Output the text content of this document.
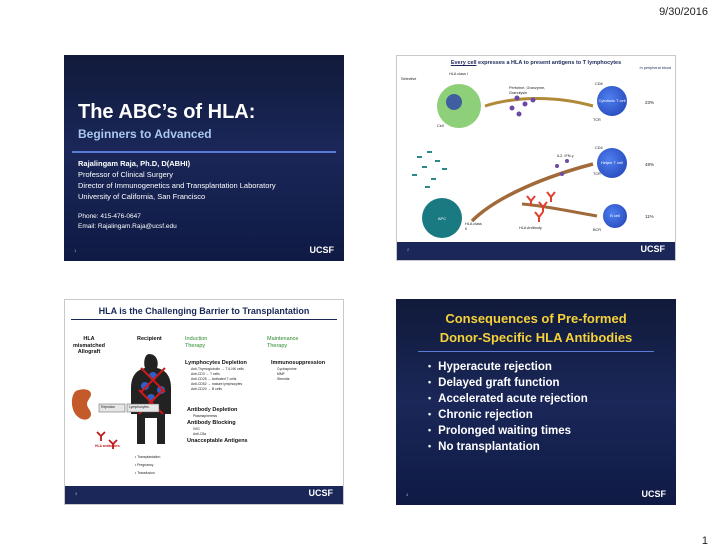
9/30/2016
The ABC’s of HLA:
Beginners to Advanced
Rajalingam Raja, Ph.D, D(ABHI)
Professor of Clinical Surgery
Director of Immunogenetics and Transplantation Laboratory
University of California, San Francisco
Phone: 415-476-0647
Email: Rajalingam.Raja@ucsf.edu
1	UCSF
Every cell expresses a HLA to present antigens to T lymphocytes
In peripheral blood
Cytotoxic T cell
Helper T cell
B cell
APC
HLA class I
Selective
Perforine, Granzyme, Granulysin
CD8
TCR
Cell
CD4
IL2, IFN-γ
TCR
HLA class II	HLA Antibody	BCR
23%
48%
11%
2	UCSF
HLA is the Challenging Barrier to Transplantation
HLA mismatched Allograft
Recipient	Induction Therapy
Maintenance Therapy
Rejection	Lymphocytes
HLA antibodies
Lymphocytes Depletion
Anti-Thymoglobulin → T & NK cells
Anti-CD3 → T cells
Anti-CD25 → Activated T cells
Anti-CD52 → mature lymphocytes
Anti-CD20 → B cells
Immunosuppression
Cyclosporine
MMF
Steroids
Antibody Depletion
Plasmapheresis
Antibody Blocking
IVIG
Anti-C5a
Unacceptable Antigens
• Transplantation
• Pregnancy
• Transfusion
3	UCSF
Consequences of Pre-formed
Donor-Specific HLA Antibodies
• Hyperacute rejection
• Delayed graft function
• Accelerated acute rejection
• Chronic rejection
• Prolonged waiting times
• No transplantation
4	UCSF
1
